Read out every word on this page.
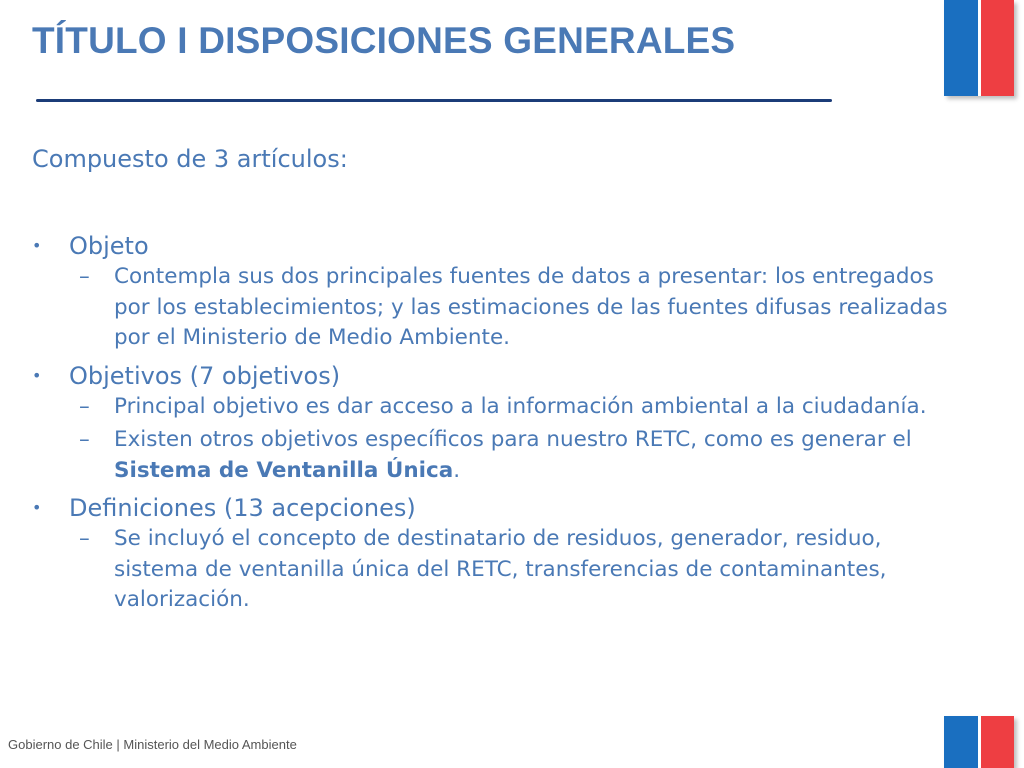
TÍTULO I DISPOSICIONES GENERALES

Compuesto de 3 artículos:

• Objeto
– Contempla sus dos principales fuentes de datos a presentar: los entregados por los establecimientos; y las estimaciones de las fuentes difusas realizadas por el Ministerio de Medio Ambiente.
• Objetivos (7 objetivos)
– Principal objetivo es dar acceso a la información ambiental a la ciudadanía.
– Existen otros objetivos específicos para nuestro RETC, como es generar el Sistema de Ventanilla Única.
• Definiciones (13 acepciones)
– Se incluyó el concepto de destinatario de residuos, generador, residuo, sistema de ventanilla única del RETC, transferencias de contaminantes, valorización.
Gobierno de Chile | Ministerio del Medio Ambiente
